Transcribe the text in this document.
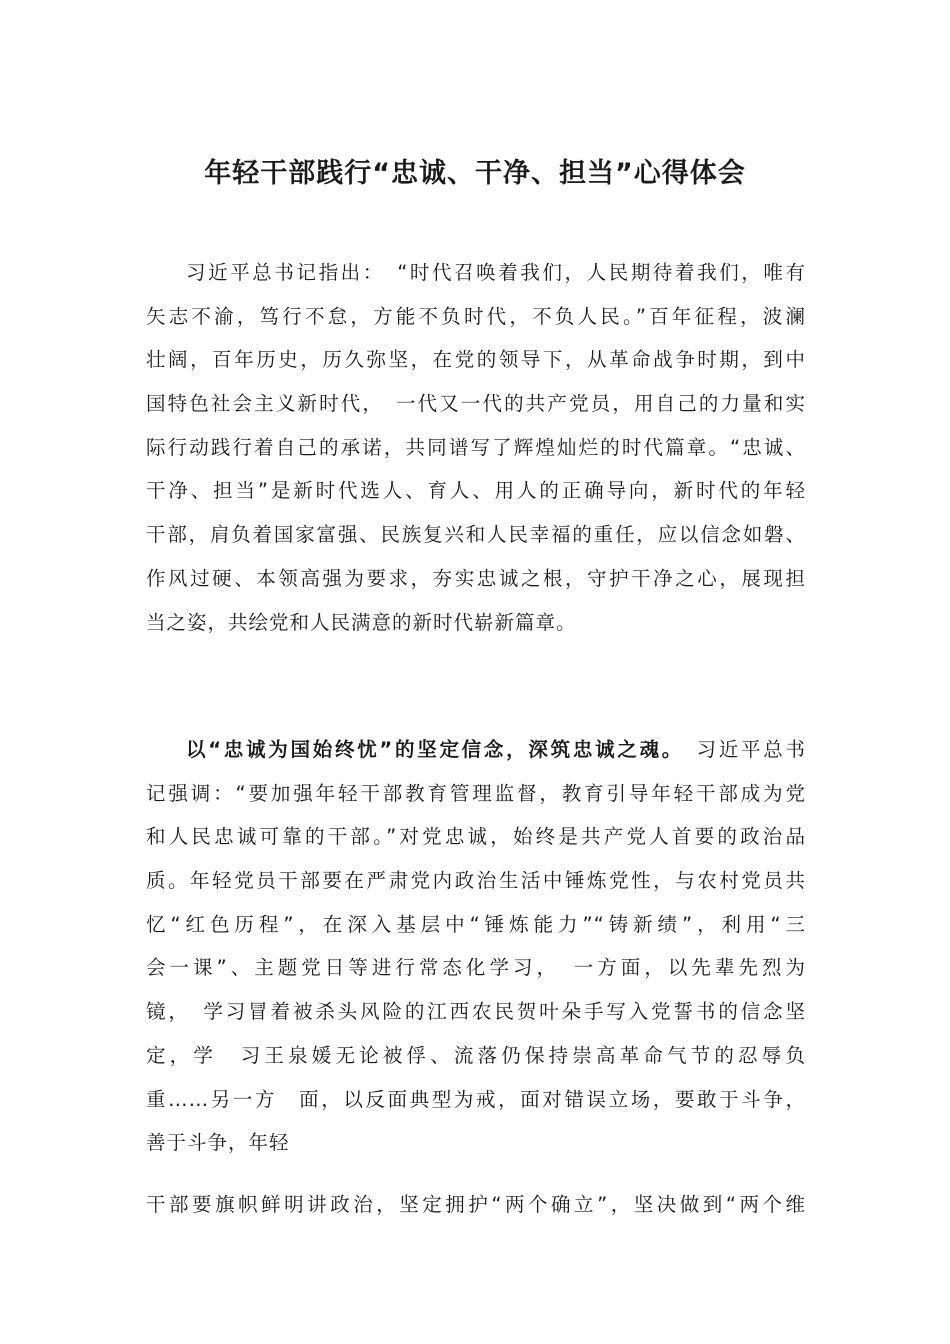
年轻干部践行“忠诚、干净、担当”心得体会
习近平总书记指出：　“时代召唤着我们，人民期待着我们，唯有
矢志不渝，笃行不怠，方能不负时代，不负人民。”百年征程，波澜
壮阔，百年历史，历久弥坚，在党的领导下，从革命战争时期，到中
国特色社会主义新时代，　一代又一代的共产党员，用自己的力量和实
际行动践行着自己的承诺，共同谱写了辉煌灿烂的时代篇章。“忠诚、
干净、担当”是新时代选人、育人、用人的正确导向，新时代的年轻
干部，肩负着国家富强、民族复兴和人民幸福的重任，应以信念如磐、
作风过硬、本领高强为要求，夯实忠诚之根，守护干净之心，展现担
当之姿，共绘党和人民满意的新时代崭新篇章。
以“忠诚为国始终忧”的坚定信念，深筑忠诚之魂。　 习近平总书
记强调：“要加强年轻干部教育管理监督，教育引导年轻干部成为党
和人民忠诚可靠的干部。”对党忠诚，始终是共产党人首要的政治品
质。年轻党员干部要在严肃党内政治生活中锤炼党性，与农村党员共
忆“红色历程”，在深入基层中“锤炼能力”“铸新绩”，利用“三
会一课”、主题党日等进行常态化学习，　一方面，以先辈先烈为
镜，　学习冒着被杀头风险的江西农民贺叶朵手写入党誓书的信念坚
定，学　习王泉媛无论被俘、流落仍保持崇高革命气节的忍辱负
重……另一方　面，以反面典型为戒，面对错误立场，要敢于斗争，
善于斗争，年轻
干部要旗帜鲜明讲政治，坚定拥护“两个确立”，坚决做到“两个维
